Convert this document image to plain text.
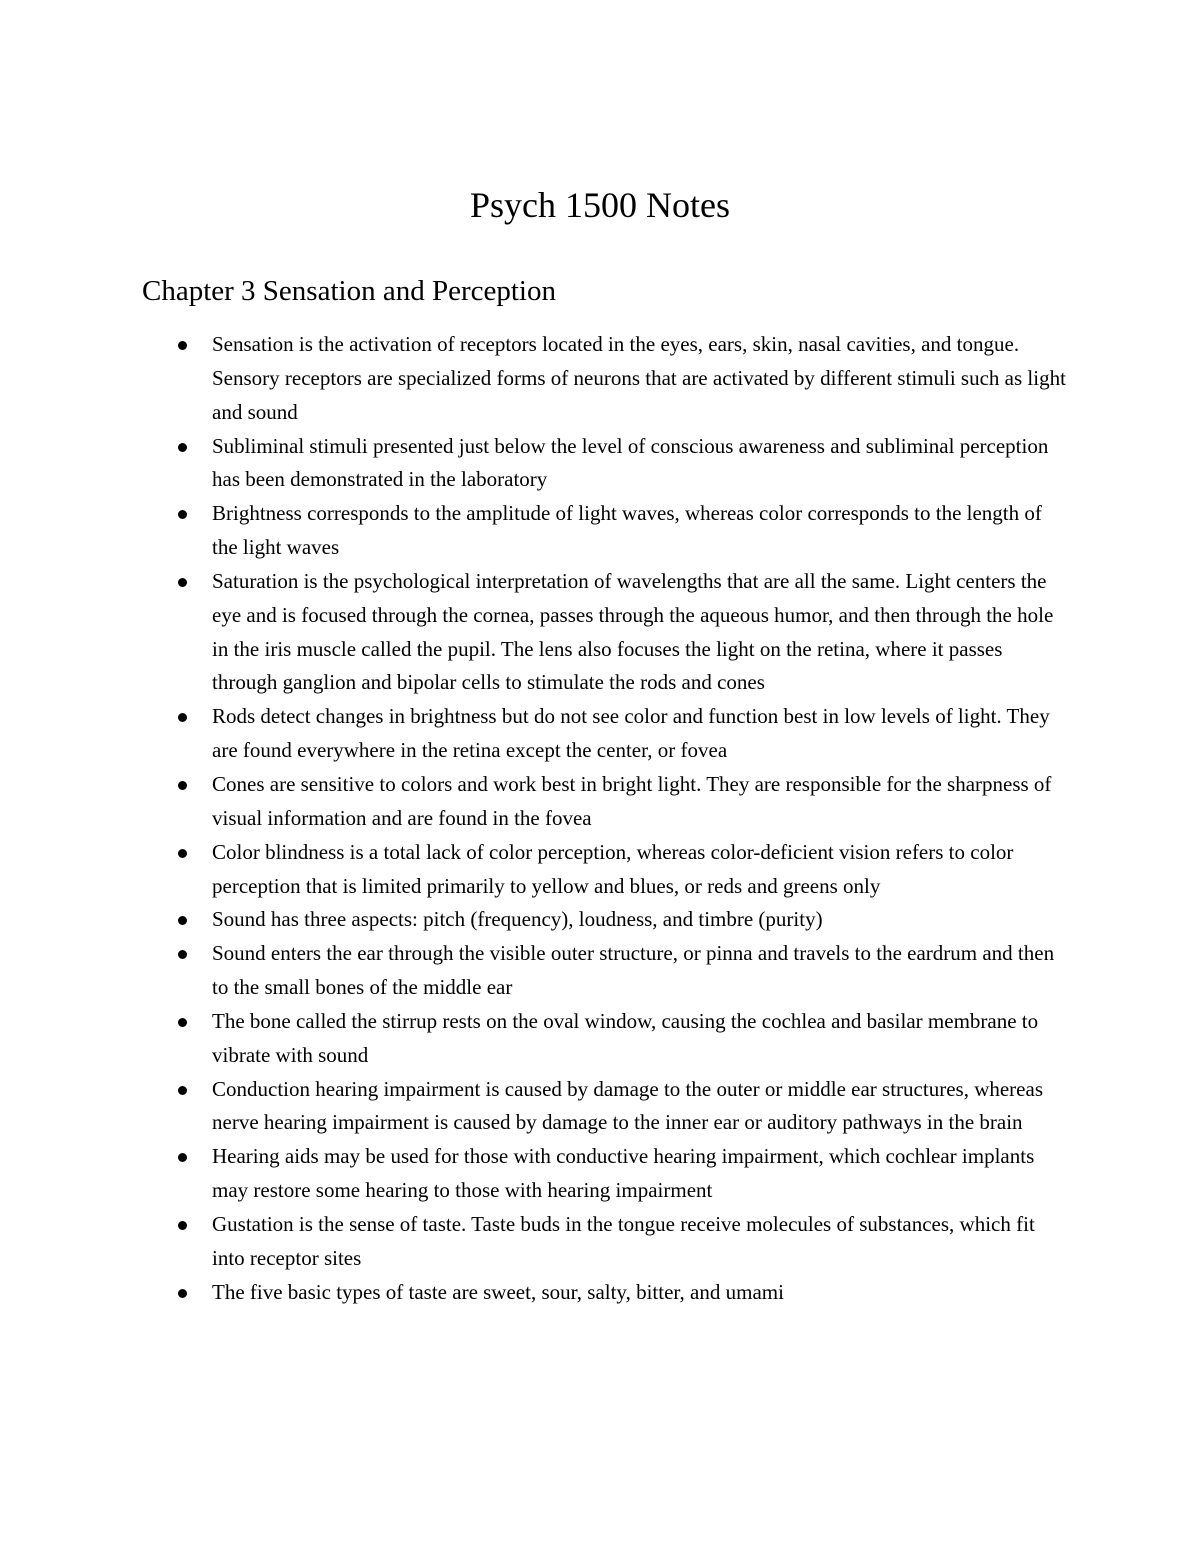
Psych 1500 Notes
Chapter 3 Sensation and Perception
Sensation is the activation of receptors located in the eyes, ears, skin, nasal cavities, and tongue. Sensory receptors are specialized forms of neurons that are activated by different stimuli such as light and sound
Subliminal stimuli presented just below the level of conscious awareness and subliminal perception has been demonstrated in the laboratory
Brightness corresponds to the amplitude of light waves, whereas color corresponds to the length of the light waves
Saturation is the psychological interpretation of wavelengths that are all the same. Light centers the eye and is focused through the cornea, passes through the aqueous humor, and then through the hole in the iris muscle called the pupil. The lens also focuses the light on the retina, where it passes through ganglion and bipolar cells to stimulate the rods and cones
Rods detect changes in brightness but do not see color and function best in low levels of light. They are found everywhere in the retina except the center, or fovea
Cones are sensitive to colors and work best in bright light. They are responsible for the sharpness of visual information and are found in the fovea
Color blindness is a total lack of color perception, whereas color-deficient vision refers to color perception that is limited primarily to yellow and blues, or reds and greens only
Sound has three aspects: pitch (frequency), loudness, and timbre (purity)
Sound enters the ear through the visible outer structure, or pinna and travels to the eardrum and then to the small bones of the middle ear
The bone called the stirrup rests on the oval window, causing the cochlea and basilar membrane to vibrate with sound
Conduction hearing impairment is caused by damage to the outer or middle ear structures, whereas nerve hearing impairment is caused by damage to the inner ear or auditory pathways in the brain
Hearing aids may be used for those with conductive hearing impairment, which cochlear implants may restore some hearing to those with hearing impairment
Gustation is the sense of taste. Taste buds in the tongue receive molecules of substances, which fit into receptor sites
The five basic types of taste are sweet, sour, salty, bitter, and umami
